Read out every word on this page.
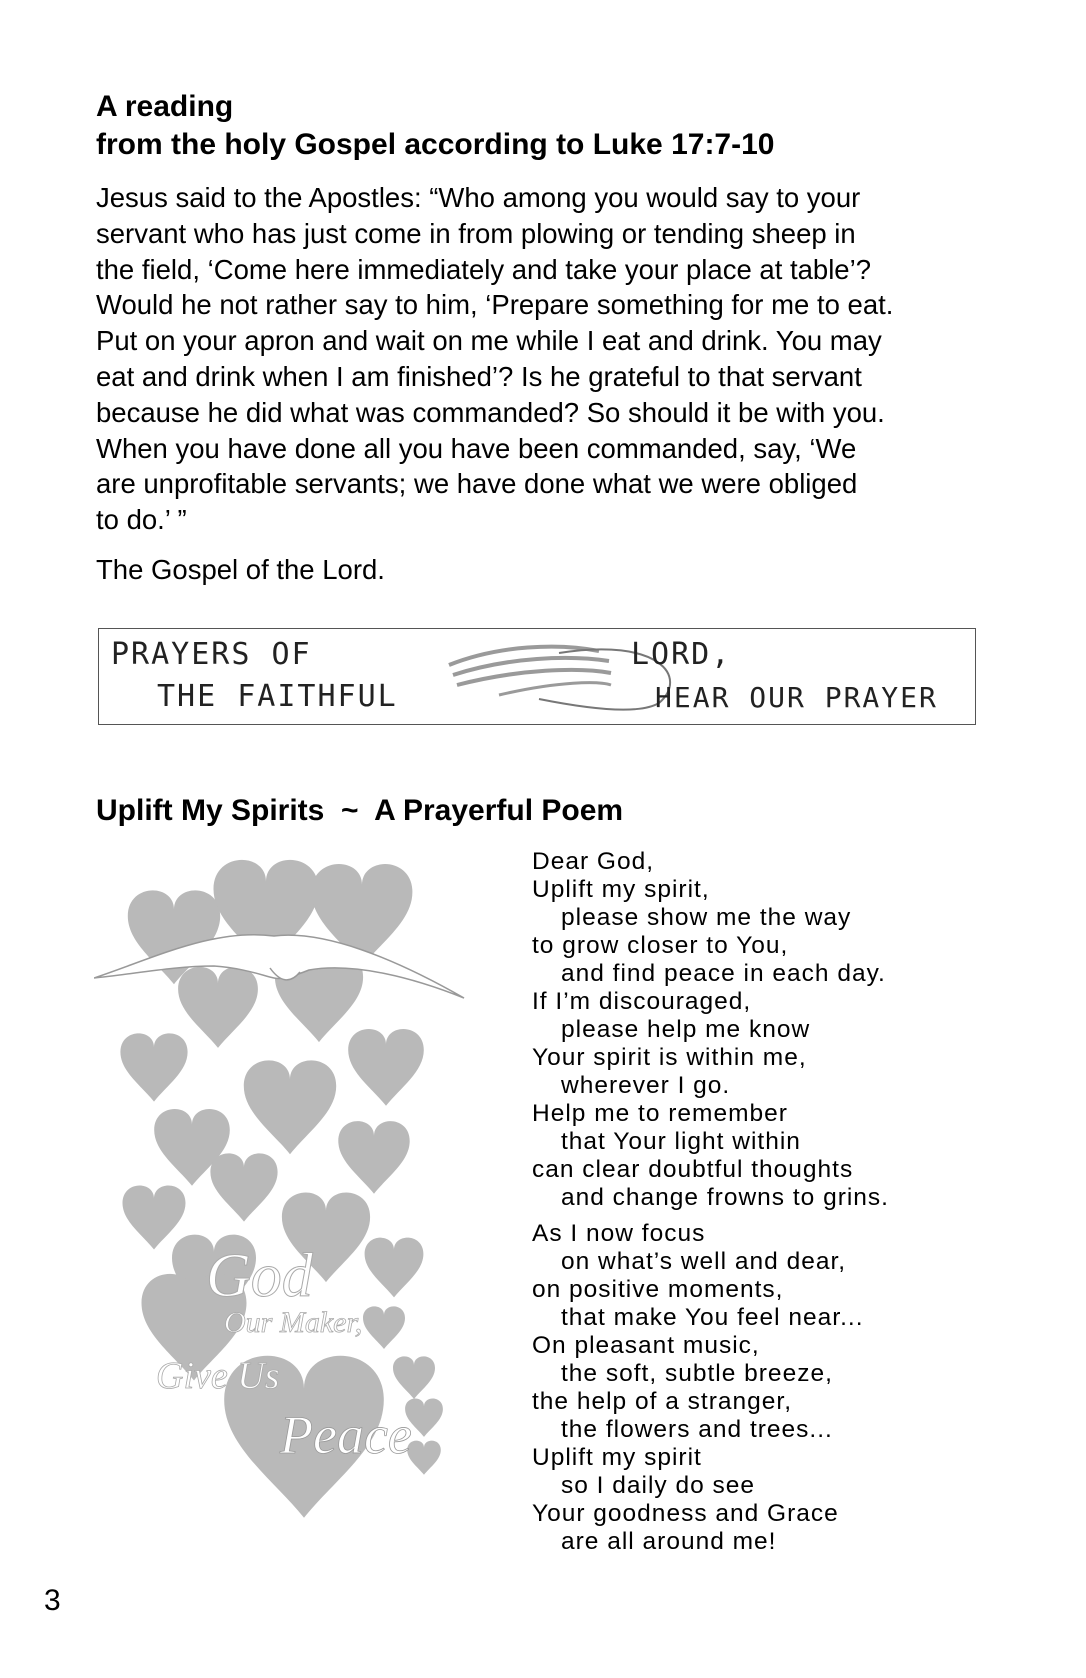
A reading
from the holy Gospel according to Luke 17:7-10
Jesus said to the Apostles: “Who among you would say to your
servant who has just come in from plowing or tending sheep in
the field, ‘Come here immediately and take your place at table’?
Would he not rather say to him, ‘Prepare something for me to eat.
Put on your apron and wait on me while I eat and drink. You may
eat and drink when I am finished’? Is he grateful to that servant
because he did what was commanded? So should it be with you.
When you have done all you have been commanded, say, ‘We
are unprofitable servants; we have done what we were obliged
to do.’ ”
The Gospel of the Lord.
PRAYERS OF
THE FAITHFUL
LORD,
HEAR OUR PRAYER
Uplift My Spirits  ~  A Prayerful Poem
God
Our Maker,
Give Us
Peace
Dear God,
Uplift my spirit,
please show me the way
to grow closer to You,
and find peace in each day.
If I’m discouraged,
please help me know
Your spirit is within me,
wherever I go.
Help me to remember
that Your light within
can clear doubtful thoughts
and change frowns to grins.
As I now focus
on what’s well and dear,
on positive moments,
that make You feel near...
On pleasant music,
the soft, subtle breeze,
the help of a stranger,
the flowers and trees...
Uplift my spirit
so I daily do see
Your goodness and Grace
are all around me!
3
